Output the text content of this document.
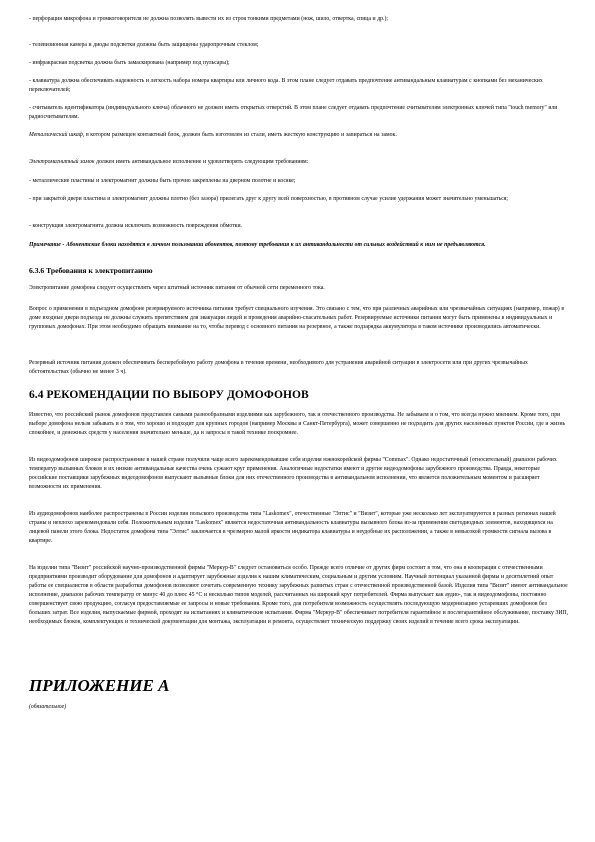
- перфорация микрофона и громкоговорителя не должна позволять вывести их из строя тонкими предметами (нож, шило, отвертка, спица и др.);

- телевизионная камера и диоды подсветки должны быть защищены ударопрочным стеклом;

- инфракрасная подсветка должна быть замаскирована (например под пульсары);

- клавиатура должна обеспечивать надежность и легкость набора номера квартиры или личного кода. В этом плане следует отдавать предпочтение антивандальным клавиатурам с кнопками без механических переключателей;

- считыватель идентификатора (индивидуального ключа) облачного не должен иметь открытых отверстий. В этом плане следует отдавать предпочтение считывателям электронных ключей типа "touch memory" или радиосчитывателям.

Металлический шкаф, в котором размещен контактный блок, должен быть изготовлен из стали, иметь жесткую конструкцию и запираться на замок.

Электромагнитный замок должен иметь антивандальное исполнение и удовлетворять следующим требованиям:

- металлические пластины и электромагнит должны быть прочно закреплены на дверном полотне и косяке;

- при закрытой двери пластина и электромагнит должны плотно (без зазора) прилегать друг к другу всей поверхностью, в противном случае усилие удержания может значительно уменьшаться;

- конструкция электромагнита должна исключать возможность повреждения обмотки.

Примечание - Абонентские блоки находятся в личном пользовании абонентов, поэтому требования к их антивандальности от сильных воздействий к ним не предъявляются.

6.3.6 Требования к электропитанию

Электропитание домофона следует осуществлять через штатный источник питания от обычной сети переменного тока.

Вопрос о применении в подъездном домофоне резервируемого источника питания требует специального изучения. Это связано с тем, что при различных аварийных или чрезвычайных ситуациях (например, пожар) в доме входные двери подъезда не должны служить препятствием для эвакуации людей и проведения аварийно-спасательных работ. Резервируемые источники питания могут быть применены в индивидуальных и групповых домофонах. При этом необходимо обращать внимание на то, чтобы перевод с основного питания на резервное, а также подзарядка аккумулятора в таком источнике производились автоматически.

Резервный источник питания должен обеспечивать бесперебойную работу домофона в течение времени, необходимого для устранения аварийной ситуации в электросети или при других чрезвычайных обстоятельствах (обычно не менее 3 ч).

6.4 РЕКОМЕНДАЦИИ ПО ВЫБОРУ ДОМОФОНОВ

Известно, что российский рынок домофонов представлен самыми разнообразными изделиями как зарубежного, так и отечественного производства. Не забываем и о том, что всегда нужно мнением. Кроме того, при выборе домофона нельзя забывать и о том, что хорошо и подходит для крупных городов (например Москвы и Санкт-Петербурга), может совершенно не подходить для других населенных пунктов России, где и жизнь спокойнее, и денежных средств у населения значительно меньше, да и запросы в такой технике поскромнее.

Из видеодомофонов широкое распространение в нашей стране получили чаще всего зарекомендовавшие себя изделия южнокорейской фирмы "Commax". Однако недостаточный (относительный) диапазон рабочих температур вызывных блоков и их низкие антивандальные качества очень сужают круг применения. Аналогичные недостатки имеют и другие видеодомофоны зарубежного производства. Правда, некоторые российские поставщики зарубежных видеодомофонов выпускают вызывные блоки для них отечественного производства в антивандальном исполнении, что является положительным моментом и расширяет возможности их применения.

Из аудиодомофонов наиболее распространены в России изделия польского производства типа "Laskomex", отечественные "Элтис" и "Визит", которые уже несколько лет эксплуатируются в разных регионах нашей страны и неплохо зарекомендовали себя. Положительным изделия "Laskomex" является недостаточная антивандальность клавиатуры вызывного блока из-за применения светодиодных элементов, находящихся на лицевой панели этого блока. Недостаток домофона типа "Элтис" заключается в чрезмерно малой яркости индикатора клавиатуры и неудобные их расположении, а также в невысокой громкости сигнала вызова в квартире.

На изделии типа "Визит" российской научно-производственной фирмы "Меркур-В" следует остановиться особо. Прежде всего отличие от других фирм состоит в том, что она в кооперации с отечественными предприятиями производит оборудование для домофонов и адаптирует зарубежные изделия к нашим климатическим, социальным и другим условиям. Научный потенциал указанной фирмы и десятилетний опыт работы ее специалистов в области разработки домофонов позволяют сочетать современную технику зарубежных развитых стран с отечественной производственной базой. Изделия типа "Визит" имеют антивандальное исполнение, диапазон рабочих температур от минус 40 до плюс 45 °С и несколько типов моделей, рассчитанных на широкий круг потребителей. Фирма выпускает как аудио-, так и видеодомофоны, постоянно совершенствует свою продукцию, согласуя предоставляемые ее запросы и новые требования. Кроме того, для потребителя возможность осуществлять последующую модернизацию устаревших домофонов без больших затрат. Все изделия, выпускаемые фирмой, проходят на испытаниях и климатические испытания. Фирма "Меркур-В" обеспечивает потребителя гарантийное и послегарантийное обслуживание, поставку ЗИП, необходимых блоков, комплектующих и технической документации для монтажа, эксплуатации и ремонта, осуществляет техническую поддержку своих изделий в течение всего срока эксплуатации.

ПРИЛОЖЕНИЕ А

(обязательное)
